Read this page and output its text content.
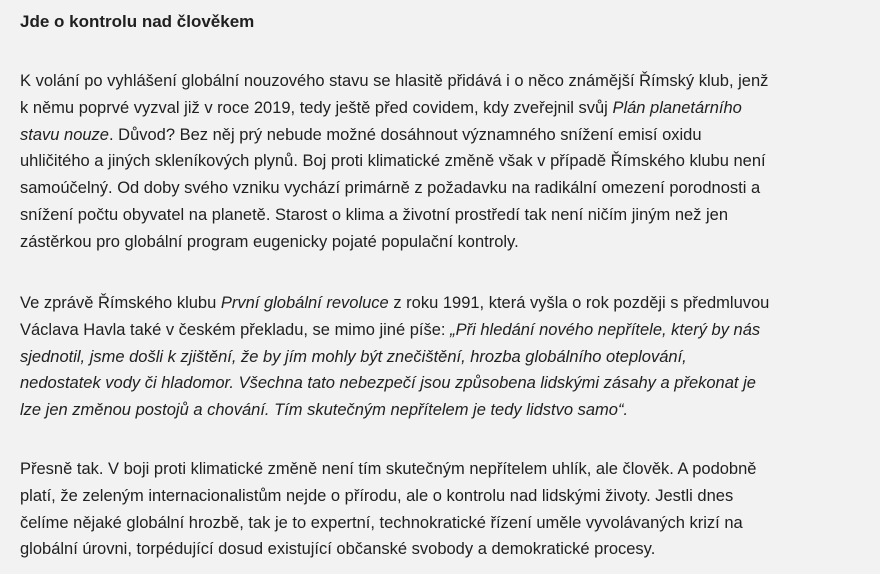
Jde o kontrolu nad člověkem

K volání po vyhlášení globální nouzového stavu se hlasitě přidává i o něco známější Římský klub, jenž
k němu poprvé vyzval již v roce 2019, tedy ještě před covidem, kdy zveřejnil svůj Plán planetárního
stavu nouze. Důvod? Bez něj prý nebude možné dosáhnout významného snížení emisí oxidu
uhličitého a jiných skleníkových plynů. Boj proti klimatické změně však v případě Římského klubu není
samoúčelný. Od doby svého vzniku vychází primárně z požadavku na radikální omezení porodnosti a
snížení počtu obyvatel na planetě. Starost o klima a životní prostředí tak není ničím jiným než jen
zástěrkou pro globální program eugenicky pojaté populační kontroly.

Ve zprávě Římského klubu První globální revoluce z roku 1991, která vyšla o rok později s předmluvou
Václava Havla také v českém překladu, se mimo jiné píše: „Při hledání nového nepřítele, který by nás
sjednotil, jsme došli k zjištění, že by jím mohly být znečištění, hrozba globálního oteplování,
nedostatek vody či hladomor. Všechna tato nebezpečí jsou způsobena lidskými zásahy a překonat je
lze jen změnou postojů a chování. Tím skutečným nepřítelem je tedy lidstvo samo“.

Přesně tak. V boji proti klimatické změně není tím skutečným nepřítelem uhlík, ale člověk. A podobně
platí, že zeleným internacionalistům nejde o přírodu, ale o kontrolu nad lidskými životy. Jestli dnes
čelíme nějaké globální hrozbě, tak je to expertní, technokratické řízení uměle vyvolávaných krizí na
globální úrovni, torpédující dosud existující občanské svobody a demokratické procesy.
